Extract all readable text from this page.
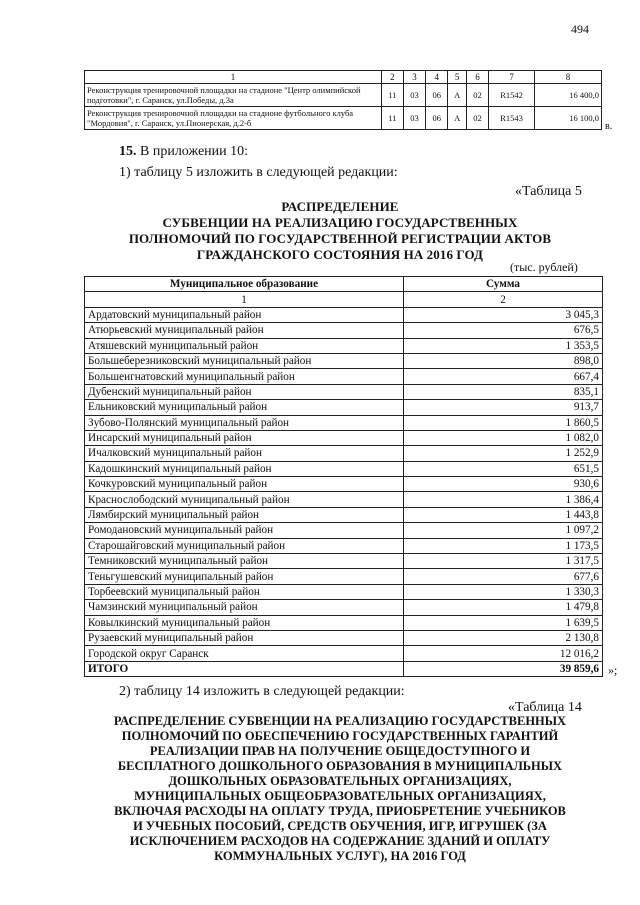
494
1	2	3	4	5	6	7	8
Реконструкция тренировочной площадки на стадионе "Центр олимпийской подготовки", г. Саранск, ул.Победы, д.3а	11	03	06	А	02	R1542	16 400,0
Реконструкция тренировочной площадки на стадионе футбольного клуба "Мордовия", г. Саранск, ул.Пионерская, д.2-б	11	03	06	А	02	R1543	16 100,0
в.
15. В приложении 10:
1) таблицу 5 изложить в следующей редакции:
«Таблица 5
РАСПРЕДЕЛЕНИЕ
СУБВЕНЦИИ НА РЕАЛИЗАЦИЮ ГОСУДАРСТВЕННЫХ
ПОЛНОМОЧИЙ ПО ГОСУДАРСТВЕННОЙ РЕГИСТРАЦИИ АКТОВ
ГРАЖДАНСКОГО СОСТОЯНИЯ НА 2016 ГОД
(тыс. рублей)
Муниципальное образование	Сумма
1	2
Ардатовский муниципальный район	3 045,3
Атюрьевский муниципальный район	676,5
Атяшевский муниципальный район	1 353,5
Большеберезниковский муниципальный район	898,0
Большеигнатовский муниципальный район	667,4
Дубенский муниципальный район	835,1
Ельниковский муниципальный район	913,7
Зубово-Полянский муниципальный район	1 860,5
Инсарский муниципальный район	1 082,0
Ичалковский муниципальный район	1 252,9
Кадошкинский муниципальный район	651,5
Кочкуровский муниципальный район	930,6
Краснослободский муниципальный район	1 386,4
Лямбирский муниципальный район	1 443,8
Ромодановский муниципальный район	1 097,2
Старошайговский муниципальный район	1 173,5
Темниковский муниципальный район	1 317,5
Теньгушевский муниципальный район	677,6
Торбеевский муниципальный район	1 330,3
Чамзинский муниципальный район	1 479,8
Ковылкинский муниципальный район	1 639,5
Рузаевский муниципальный район	2 130,8
Городской округ Саранск	12 016,2
ИТОГО	39 859,6 »;
2) таблицу 14 изложить в следующей редакции:
«Таблица 14
РАСПРЕДЕЛЕНИЕ СУБВЕНЦИИ НА РЕАЛИЗАЦИЮ ГОСУДАРСТВЕННЫХ
ПОЛНОМОЧИЙ ПО ОБЕСПЕЧЕНИЮ ГОСУДАРСТВЕННЫХ ГАРАНТИЙ
РЕАЛИЗАЦИИ ПРАВ НА ПОЛУЧЕНИЕ ОБЩЕДОСТУПНОГО И
БЕСПЛАТНОГО ДОШКОЛЬНОГО ОБРАЗОВАНИЯ В МУНИЦИПАЛЬНЫХ
ДОШКОЛЬНЫХ ОБРАЗОВАТЕЛЬНЫХ ОРГАНИЗАЦИЯХ,
МУНИЦИПАЛЬНЫХ ОБЩЕОБРАЗОВАТЕЛЬНЫХ ОРГАНИЗАЦИЯХ,
ВКЛЮЧАЯ РАСХОДЫ НА ОПЛАТУ ТРУДА, ПРИОБРЕТЕНИЕ УЧЕБНИКОВ
И УЧЕБНЫХ ПОСОБИЙ, СРЕДСТВ ОБУЧЕНИЯ, ИГР, ИГРУШЕК (ЗА
ИСКЛЮЧЕНИЕМ РАСХОДОВ НА СОДЕРЖАНИЕ ЗДАНИЙ И ОПЛАТУ
КОММУНАЛЬНЫХ УСЛУГ), НА 2016 ГОД
